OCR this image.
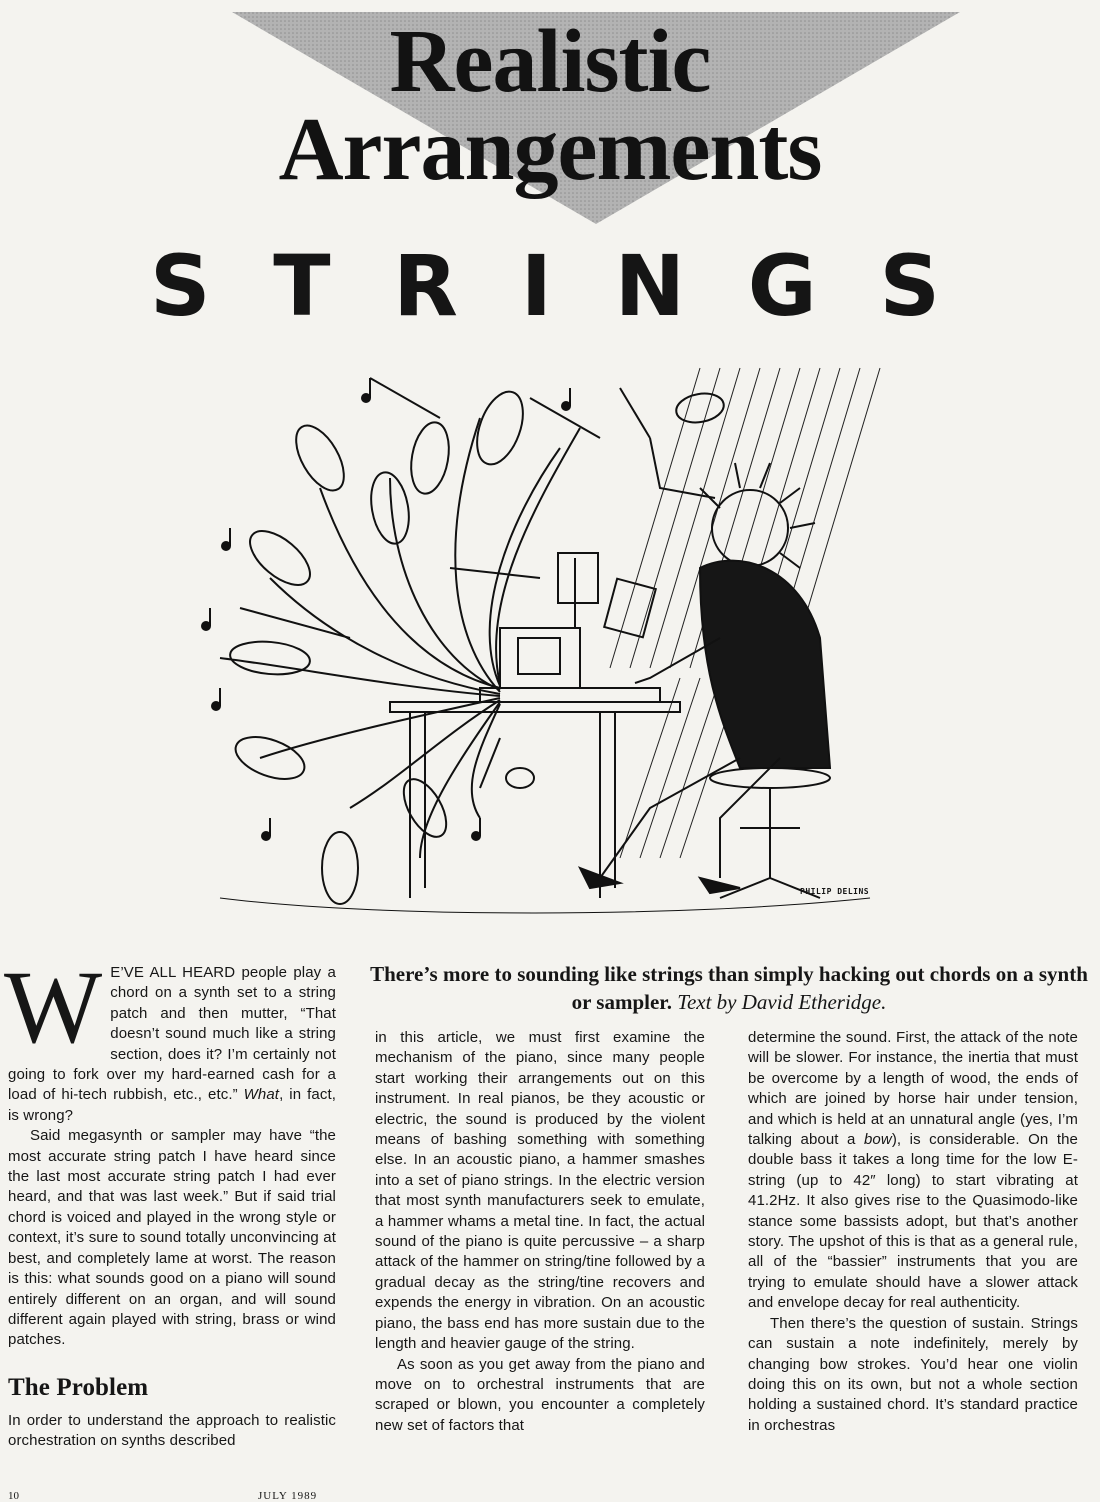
Realistic
Arrangements
S T R I N G S
PHILIP DELINS
There’s more to sounding like strings than simply hacking out chords on a synth or sampler. Text by David Etheridge.

W E’VE ALL HEARD people play a chord on a synth set to a string patch and then mutter, “That doesn’t sound much like a string section, does it? I’m certainly not going to fork over my hard-earned cash for a load of hi-tech rubbish, etc., etc.” What, in fact, is wrong?

Said megasynth or sampler may have “the most accurate string patch I have heard since the last most accurate string patch I had ever heard, and that was last week.” But if said trial chord is voiced and played in the wrong style or context, it’s sure to sound totally unconvincing at best, and completely lame at worst. The reason is this: what sounds good on a piano will sound entirely different on an organ, and will sound different again played with string, brass or wind patches.

The Problem

In order to understand the approach to realistic orchestration on synths described

in this article, we must first examine the mechanism of the piano, since many people start working their arrangements out on this instrument. In real pianos, be they acoustic or electric, the sound is produced by the violent means of bashing something with something else. In an acoustic piano, a hammer smashes into a set of piano strings. In the electric version that most synth manufacturers seek to emulate, a hammer whams a metal tine. In fact, the actual sound of the piano is quite percussive – a sharp attack of the hammer on string/tine followed by a gradual decay as the string/tine recovers and expends the energy in vibration. On an acoustic piano, the bass end has more sustain due to the length and heavier gauge of the string.

As soon as you get away from the piano and move on to orchestral instruments that are scraped or blown, you encounter a completely new set of factors that

determine the sound. First, the attack of the note will be slower. For instance, the inertia that must be overcome by a length of wood, the ends of which are joined by horse hair under tension, and which is held at an unnatural angle (yes, I’m talking about a bow), is considerable. On the double bass it takes a long time for the low E-string (up to 42″ long) to start vibrating at 41.2Hz. It also gives rise to the Quasimodo-like stance some bassists adopt, but that’s another story. The upshot of this is that as a general rule, all of the “bassier” instruments that you are trying to emulate should have a slower attack and envelope decay for real authenticity.

Then there’s the question of sustain. Strings can sustain a note indefinitely, merely by changing bow strokes. You’d hear one violin doing this on its own, but not a whole section holding a sustained chord. It’s standard practice in orchestras

10	JULY 1989
